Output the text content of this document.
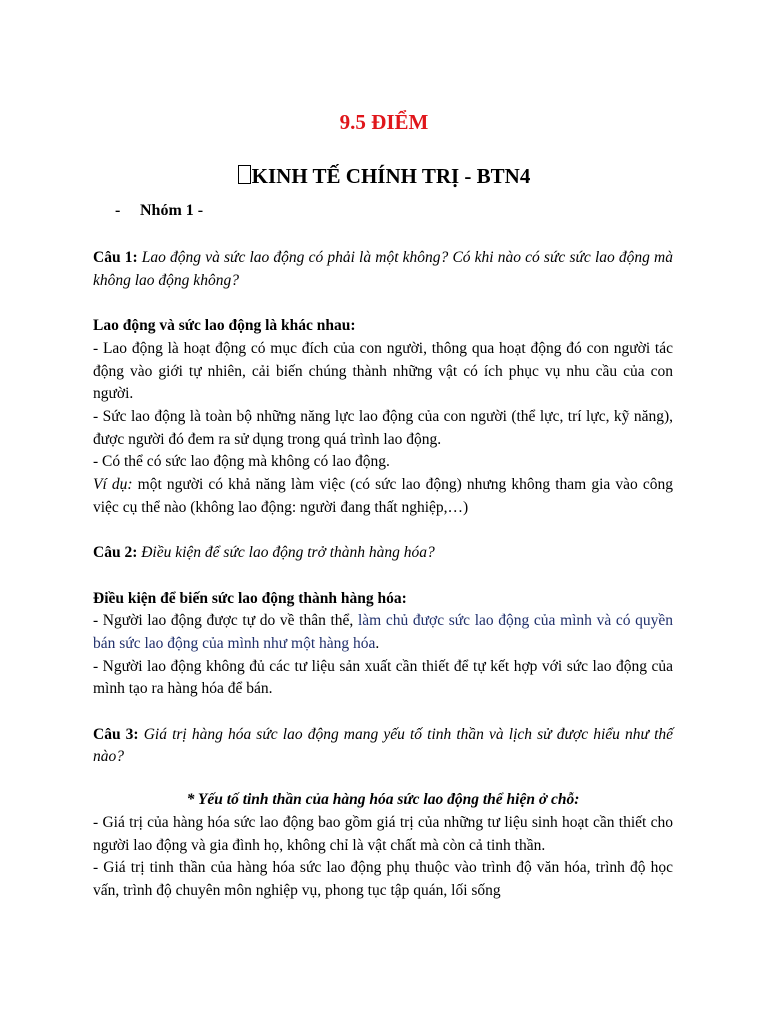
9.5 ĐIỂM
KINH TẾ CHÍNH TRỊ - BTN4
- Nhóm 1 -

Câu 1: Lao động và sức lao động có phải là một không? Có khi nào có sức sức lao động mà không lao động không?

Lao động và sức lao động là khác nhau:

- Lao động là hoạt động có mục đích của con người, thông qua hoạt động đó con người tác động vào giới tự nhiên, cải biến chúng thành những vật có ích phục vụ nhu cầu của con người.

- Sức lao động là toàn bộ những năng lực lao động của con người (thể lực, trí lực, kỹ năng), được người đó đem ra sử dụng trong quá trình lao động.

- Có thể có sức lao động mà không có lao động.

Ví dụ: một người có khả năng làm việc (có sức lao động) nhưng không tham gia vào công việc cụ thể nào (không lao động: người đang thất nghiệp,…)

Câu 2: Điều kiện để sức lao động trở thành hàng hóa?

Điều kiện để biến sức lao động thành hàng hóa:

- Người lao động được tự do về thân thể, làm chủ được sức lao động của mình và có quyền bán sức lao động của mình như một hàng hóa.

- Người lao động không đủ các tư liệu sản xuất cần thiết để tự kết hợp với sức lao động của mình tạo ra hàng hóa để bán.

Câu 3: Giá trị hàng hóa sức lao động mang yếu tố tinh thần và lịch sử được hiểu như thế nào?

* Yếu tố tinh thần của hàng hóa sức lao động thể hiện ở chỗ:

- Giá trị của hàng hóa sức lao động bao gồm giá trị của những tư liệu sinh hoạt cần thiết cho người lao động và gia đình họ, không chỉ là vật chất mà còn cả tinh thần.

- Giá trị tinh thần của hàng hóa sức lao động phụ thuộc vào trình độ văn hóa, trình độ học vấn, trình độ chuyên môn nghiệp vụ, phong tục tập quán, lối sống
